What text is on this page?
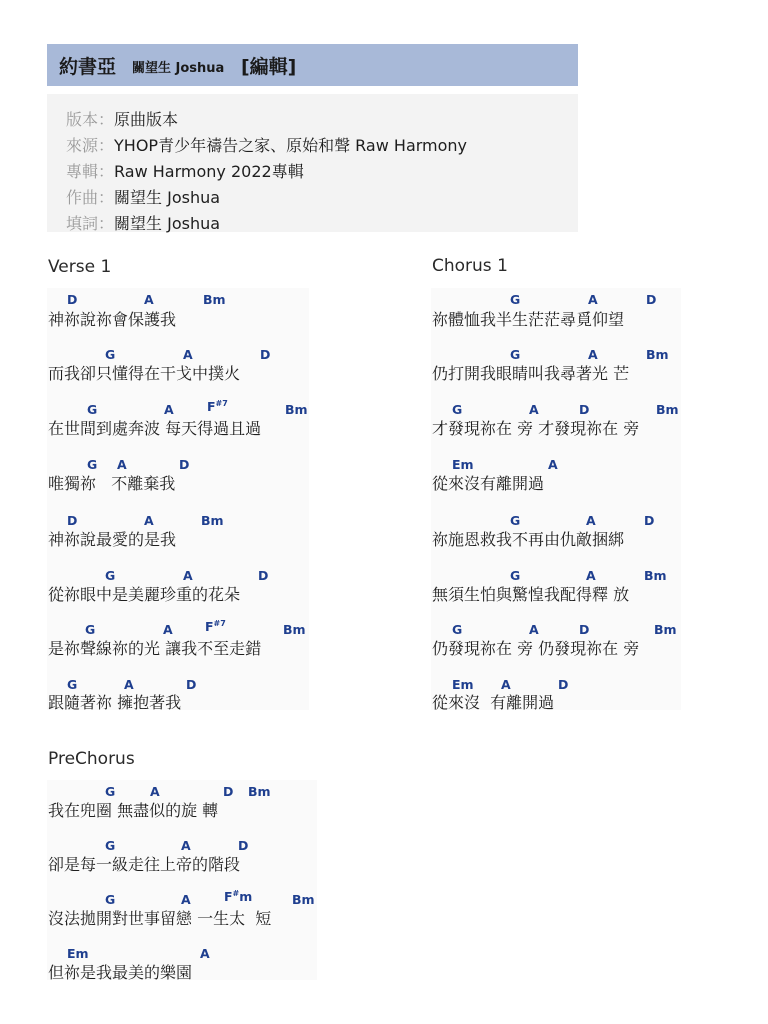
約書亞 關望生 Joshua [編輯]
版本：原曲版本
來源：YHOP青少年禱告之家、原始和聲 Raw Harmony
專輯：Raw Harmony 2022專輯
作曲：關望生 Joshua
填詞：關望生 Joshua
Verse 1
D	A	Bm
神祢說祢會保護我
G	A	D
而我卻只懂得在干戈中撲火
G	A	$F^{\#7}$	Bm
在世間到處奔波 每天得過且過
G A	D
唯獨祢   不離棄我
D	A	Bm
神祢說最愛的是我
G	A	D
從祢眼中是美麗珍重的花朵
G	A	$F^{\#7}$	Bm
是祢聲線祢的光 讓我不至走錯
G	A	D
跟隨著祢 擁抱著我
Chorus 1
G	A	D
祢體恤我半生茫茫尋覓仰望
G	A	Bm
仍打開我眼睛叫我尋著光 芒
G	A	D	Bm
才發現祢在 旁 才發現祢在 旁
Em	A
從來沒有離開過
G	A	D
祢施恩救我不再由仇敵捆綁
G	A	Bm
無須生怕與驚惶我配得釋 放
G	A	D	Bm
仍發現祢在 旁 仍發現祢在 旁
Em A	D
從來沒  有離開過
PreChorus
G	A	D Bm
我在兜圈 無盡似的旋 轉
G	A	D
卻是每一級走往上帝的階段
G	A	F#m	Bm
沒法拋開對世事留戀 一生太  短
Em	A
但祢是我最美的樂園
